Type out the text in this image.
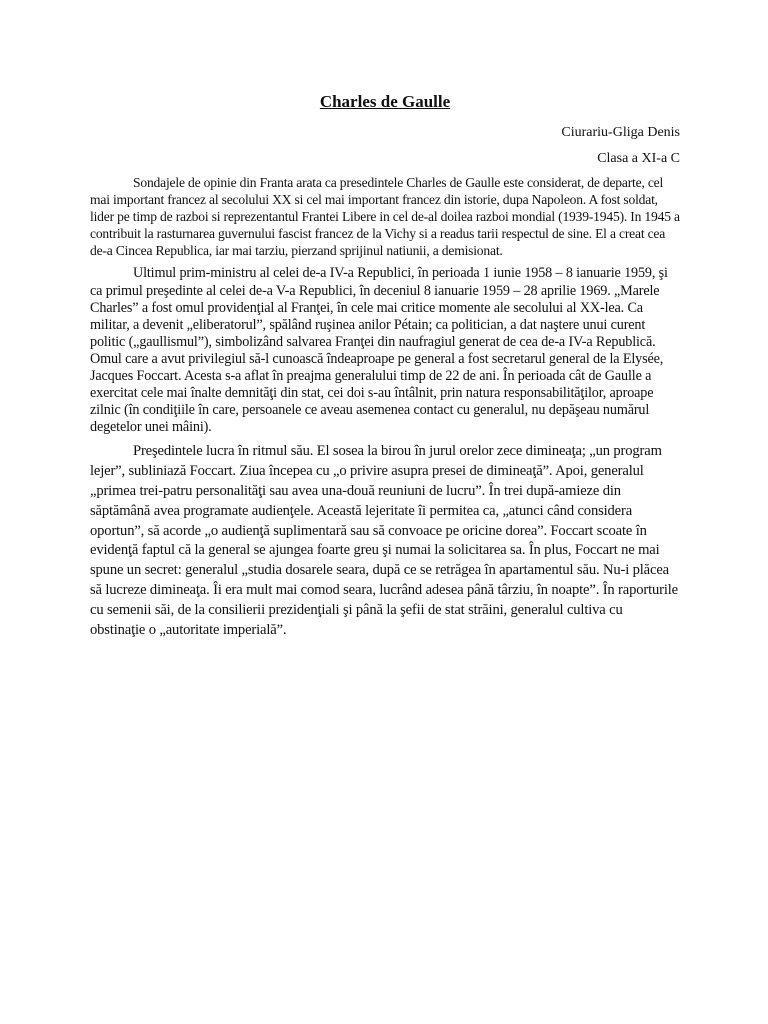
Charles de Gaulle
Ciurariu-Gliga Denis
Clasa a XI-a C

Sondajele de opinie din Franta arata ca presedintele Charles de Gaulle este considerat, de departe, cel mai important francez al secolului XX si cel mai important francez din istorie, dupa Napoleon. A fost soldat, lider pe timp de razboi si reprezentantul Frantei Libere in cel de-al doilea razboi mondial (1939-1945). In 1945 a contribuit la rasturnarea guvernului fascist francez de la Vichy si a readus tarii respectul de sine. El a creat cea de-a Cincea Republica, iar mai tarziu, pierzand sprijinul natiunii, a demisionat.

Ultimul prim-ministru al celei de-a IV-a Republici, în perioada 1 iunie 1958 – 8 ianuarie 1959, şi ca primul preşedinte al celei de-a V-a Republici, în deceniul 8 ianuarie 1959 – 28 aprilie 1969. „Marele Charles” a fost omul providenţial al Franţei, în cele mai critice momente ale secolului al XX-lea. Ca militar, a devenit „eliberatorul”, spălând ruşinea anilor Pétain; ca politician, a dat naştere unui curent politic („gaullismul”), simbolizând salvarea Franţei din naufragiul generat de cea de-a IV-a Republică. Omul care a avut privilegiul să-l cunoască îndeaproape pe general a fost secretarul general de la Elysée, Jacques Foccart. Acesta s-a aflat în preajma generalului timp de 22 de ani. În perioada cât de Gaulle a exercitat cele mai înalte demnităţi din stat, cei doi s-au întâlnit, prin natura responsabilităţilor, aproape zilnic (în condiţiile în care, persoanele ce aveau asemenea contact cu generalul, nu depăşeau numărul degetelor unei mâini).

Preşedintele lucra în ritmul său. El sosea la birou în jurul orelor zece dimineaţa; „un program lejer”, subliniază Foccart. Ziua începea cu „o privire asupra presei de dimineaţă”. Apoi, generalul „primea trei-patru personalităţi sau avea una-două reuniuni de lucru”. În trei după-amieze din săptămână avea programate audienţele. Această lejeritate îi permitea ca, „atunci când considera oportun”, să acorde „o audienţă suplimentară sau să convoace pe oricine dorea”. Foccart scoate în evidenţă faptul că la general se ajungea foarte greu şi numai la solicitarea sa. În plus, Foccart ne mai spune un secret: generalul „studia dosarele seara, după ce se retrăgea în apartamentul său. Nu-i plăcea să lucreze dimineaţa. Îi era mult mai comod seara, lucrând adesea până târziu, în noapte”. În raporturile cu semenii săi, de la consilierii prezidenţiali şi până la şefii de stat străini, generalul cultiva cu obstinaţie o „autoritate imperială”.
